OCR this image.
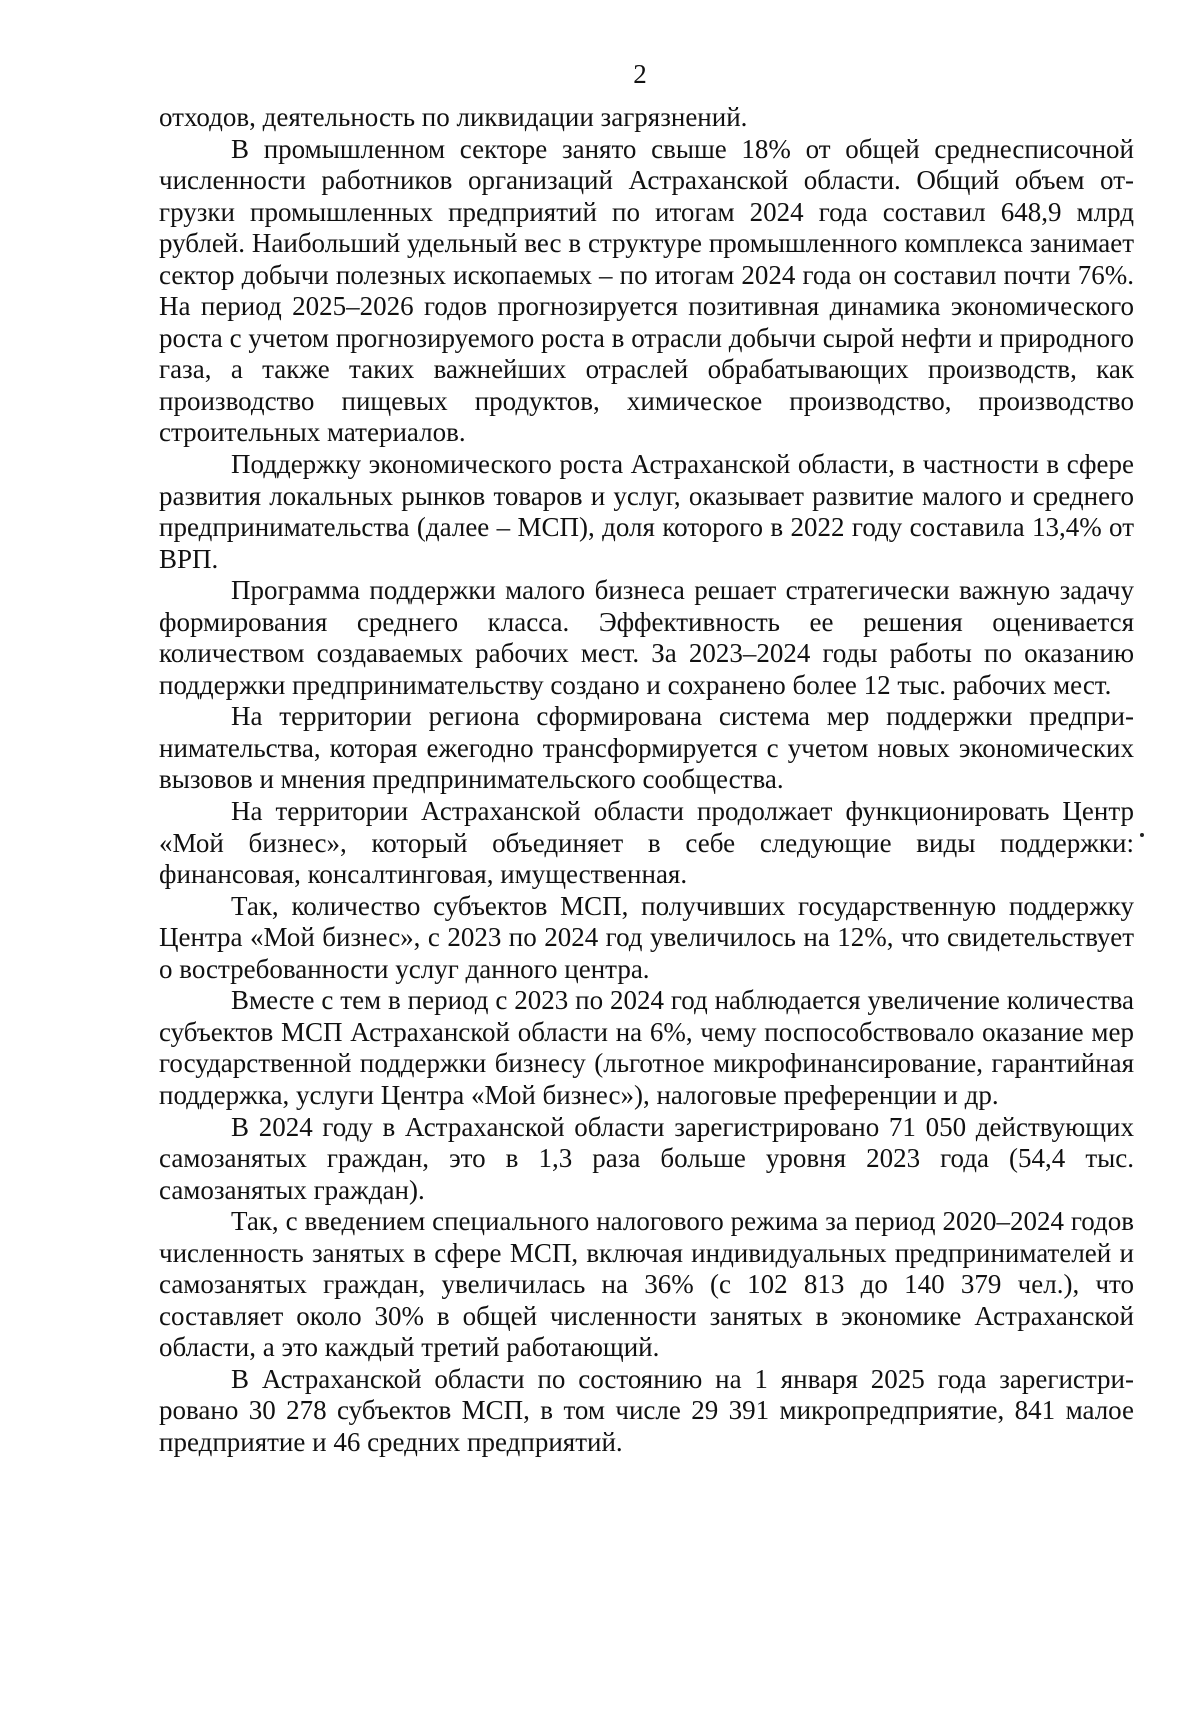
2

отходов, деятельность по ликвидации загрязнений.

В промышленном секторе занято свыше 18% от общей среднесписочной численности работников организаций Астраханской области. Общий объем отгрузки промышленных предприятий по итогам 2024 года составил 648,9 млрд рублей. Наибольший удельный вес в структуре промышленного комплекса занимает сектор добычи полезных ископаемых – по итогам 2024 года он составил почти 76%. На период 2025–2026 годов прогнозируется позитивная динамика экономического роста с учетом прогнозируемого роста в отрасли добычи сырой нефти и природного газа, а также таких важнейших отраслей обрабатывающих производств, как производство пищевых продуктов, химическое производство, производство строительных материалов.

Поддержку экономического роста Астраханской области, в частности в сфере развития локальных рынков товаров и услуг, оказывает развитие малого и среднего предпринимательства (далее – МСП), доля которого в 2022 году составила 13,4% от ВРП.

Программа поддержки малого бизнеса решает стратегически важную задачу формирования среднего класса. Эффективность ее решения оценивается количеством создаваемых рабочих мест. За 2023–2024 годы работы по оказанию поддержки предпринимательству создано и сохранено более 12 тыс. рабочих мест.

На территории региона сформирована система мер поддержки предпринимательства, которая ежегодно трансформируется с учетом новых экономических вызовов и мнения предпринимательского сообщества.

На территории Астраханской области продолжает функционировать Центр «Мой бизнес», который объединяет в себе следующие виды поддержки: финансовая, консалтинговая, имущественная.

Так, количество субъектов МСП, получивших государственную поддержку Центра «Мой бизнес», с 2023 по 2024 год увеличилось на 12%, что свидетельствует о востребованности услуг данного центра.

Вместе с тем в период с 2023 по 2024 год наблюдается увеличение количества субъектов МСП Астраханской области на 6%, чему поспособствовало оказание мер государственной поддержки бизнесу (льготное микрофинансирование, гарантийная поддержка, услуги Центра «Мой бизнес»), налоговые преференции и др.

В 2024 году в Астраханской области зарегистрировано 71 050 действующих самозанятых граждан, это в 1,3 раза больше уровня 2023 года (54,4 тыс. самозанятых граждан).

Так, с введением специального налогового режима за период 2020–2024 годов численность занятых в сфере МСП, включая индивидуальных предпринимателей и самозанятых граждан, увеличилась на 36% (с 102 813 до 140 379 чел.), что составляет около 30% в общей численности занятых в экономике Астраханской области, а это каждый третий работающий.

В Астраханской области по состоянию на 1 января 2025 года зарегистрировано 30 278 субъектов МСП, в том числе 29 391 микропредприятие, 841 малое предприятие и 46 средних предприятий.
